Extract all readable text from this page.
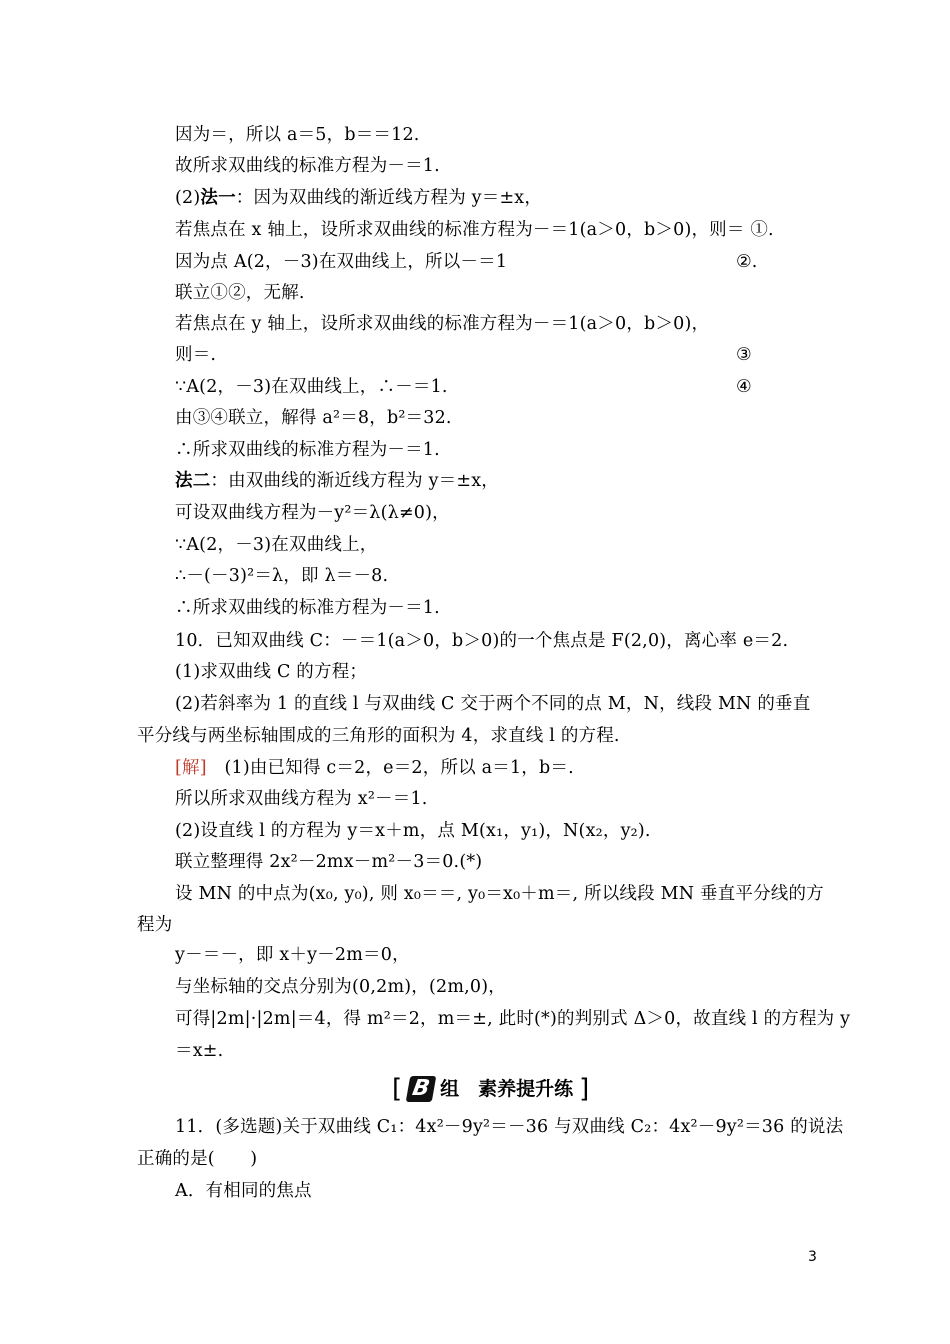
因为＝，所以 a＝5，b＝＝12.
故所求双曲线的标准方程为－＝1.
(2)法一：因为双曲线的渐近线方程为 y＝±x，
若焦点在 x 轴上，设所求双曲线的标准方程为－＝1(a＞0，b＞0)，则＝ ①.
因为点 A(2，－3)在双曲线上，所以－＝1	②.
联立①②，无解.
若焦点在 y 轴上，设所求双曲线的标准方程为－＝1(a＞0，b＞0)，
则＝.	③
∵A(2，－3)在双曲线上，∴－＝1.	④
由③④联立，解得 a²＝8，b²＝32.
∴所求双曲线的标准方程为－＝1.
法二：由双曲线的渐近线方程为 y＝±x，
可设双曲线方程为－y²＝λ(λ≠0)，
∵A(2，－3)在双曲线上，
∴－(－3)²＝λ，即 λ＝－8.
∴所求双曲线的标准方程为－＝1.
10．已知双曲线 C：－＝1(a＞0，b＞0)的一个焦点是 F(2,0)，离心率 e＝2.
(1)求双曲线 C 的方程；
(2)若斜率为 1 的直线 l 与双曲线 C 交于两个不同的点 M，N，线段 MN 的垂直
平分线与两坐标轴围成的三角形的面积为 4，求直线 l 的方程.
[解]　(1)由已知得 c＝2，e＝2，所以 a＝1，b＝.
所以所求双曲线方程为 x²－＝1.
(2)设直线 l 的方程为 y＝x＋m，点 M(x₁，y₁)，N(x₂，y₂).
联立整理得 2x²－2mx－m²－3＝0.(*)
设 MN 的中点为(x₀, y₀), 则 x₀＝＝, y₀＝x₀＋m＝, 所以线段 MN 垂直平分线的方
程为
y－＝－，即 x＋y－2m＝0，
与坐标轴的交点分别为(0,2m)，(2m,0)，
可得|2m|·|2m|＝4，得 m²＝2，m＝±, 此时(*)的判别式 Δ＞0，故直线 l 的方程为 y
＝x±.
[ B 组　素养提升练 ]
11．(多选题)关于双曲线 C₁：4x²－9y²＝－36 与双曲线 C₂：4x²－9y²＝36 的说法
正确的是(　　)
A．有相同的焦点
3
